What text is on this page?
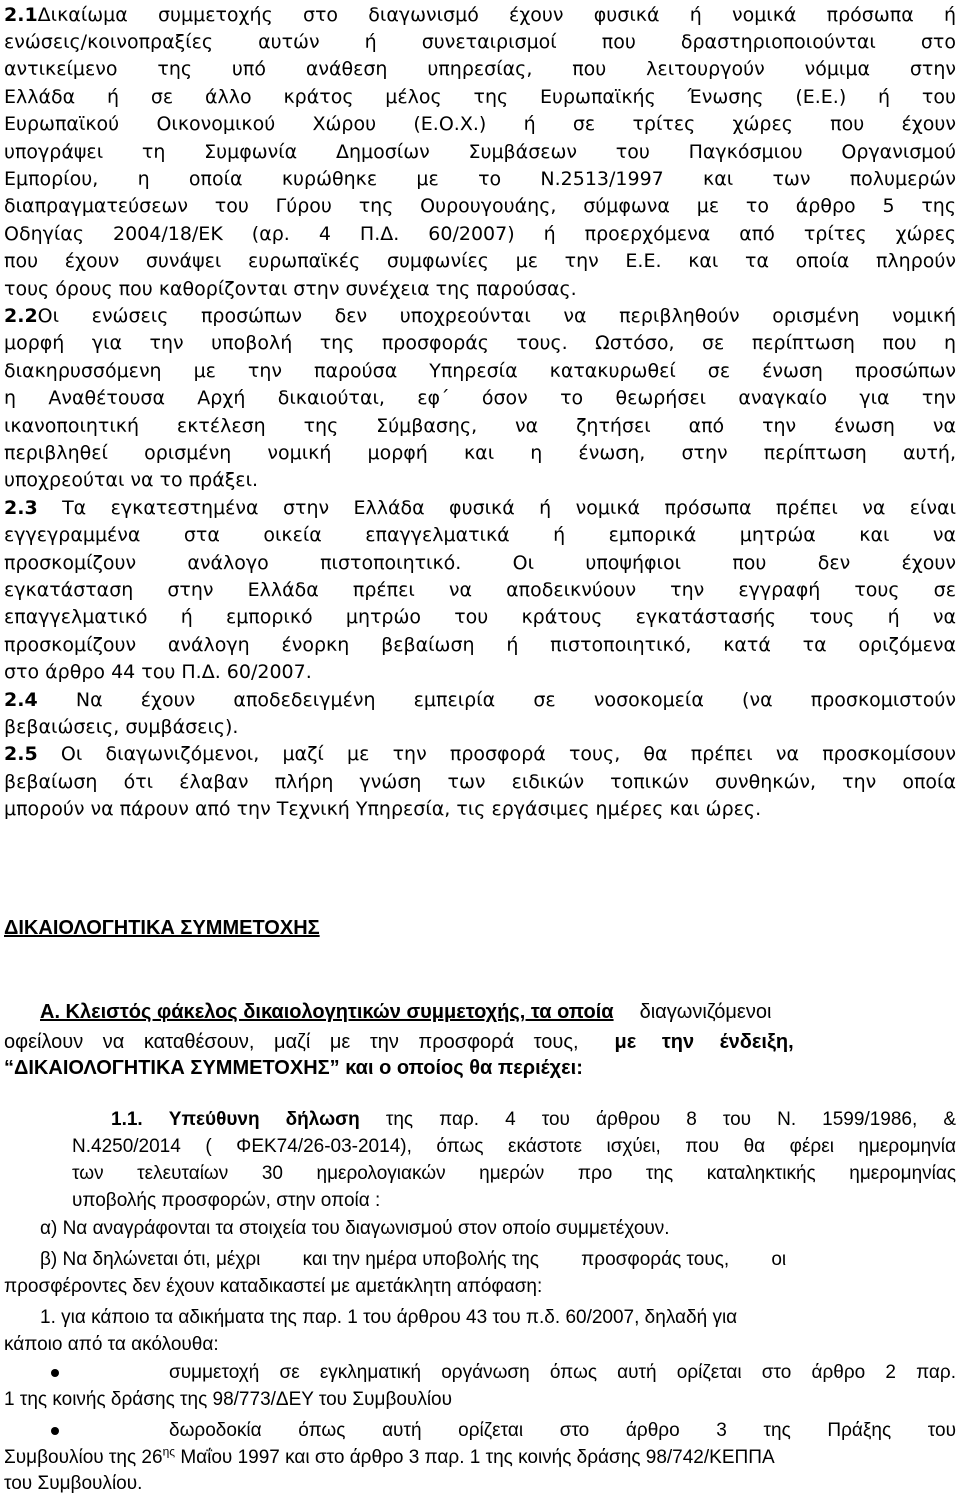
2.1Δικαίωμα συμμετοχής στο διαγωνισμό έχουν φυσικά ή νομικά πρόσωπα ή
ενώσεις/κοινοπραξίες αυτών ή συνεταιρισμοί που δραστηριοποιούνται στο
αντικείμενο της υπό ανάθεση υπηρεσίας, που λειτουργούν νόμιμα στην
Ελλάδα ή σε άλλο κράτος μέλος της Ευρωπαϊκής Ένωσης (Ε.Ε.) ή του
Ευρωπαϊκού Οικονομικού Χώρου (Ε.Ο.Χ.) ή σε τρίτες χώρες που έχουν
υπογράψει τη Συμφωνία Δημοσίων Συμβάσεων του Παγκόσμιου Οργανισμού
Εμπορίου, η οποία κυρώθηκε με το Ν.2513/1997 και των πολυμερών
διαπραγματεύσεων του Γύρου της Ουρουγουάης, σύμφωνα με το άρθρο 5 της
Οδηγίας 2004/18/ΕΚ (αρ. 4 Π.Δ. 60/2007) ή προερχόμενα από τρίτες χώρες
που έχουν συνάψει ευρωπαϊκές συμφωνίες με την Ε.Ε. και τα οποία πληρούν
τους όρους που καθορίζονται στην συνέχεια της παρούσας.
2.2Οι ενώσεις προσώπων δεν υποχρεούνται να περιβληθούν ορισμένη νομική
μορφή για την υποβολή της προσφοράς τους. Ωστόσο, σε περίπτωση που η
διακηρυσσόμενη με την παρούσα Υπηρεσία κατακυρωθεί σε ένωση προσώπων
η Αναθέτουσα Αρχή δικαιούται, εφ΄ όσον το θεωρήσει αναγκαίο για την
ικανοποιητική εκτέλεση της Σύμβασης, να ζητήσει από την ένωση να
περιβληθεί ορισμένη νομική μορφή και η ένωση, στην περίπτωση αυτή,
υποχρεούται να το πράξει.
2.3 Τα εγκατεστημένα στην Ελλάδα φυσικά ή νομικά πρόσωπα πρέπει να είναι
εγγεγραμμένα στα οικεία επαγγελματικά ή εμπορικά μητρώα και να
προσκομίζουν ανάλογο πιστοποιητικό. Οι υποψήφιοι που δεν έχουν
εγκατάσταση στην Ελλάδα πρέπει να αποδεικνύουν την εγγραφή τους σε
επαγγελματικό ή εμπορικό μητρώο του κράτους εγκατάστασής τους ή να
προσκομίζουν ανάλογη ένορκη βεβαίωση ή πιστοποιητικό, κατά τα οριζόμενα
στο άρθρο 44 του Π.Δ. 60/2007.
2.4 Να έχουν αποδεδειγμένη εμπειρία σε νοσοκομεία (να προσκομιστούν
βεβαιώσεις, συμβάσεις).
2.5 Οι διαγωνιζόμενοι, μαζί με την προσφορά τους, θα πρέπει να προσκομίσουν
βεβαίωση ότι έλαβαν πλήρη γνώση των ειδικών τοπικών συνθηκών, την οποία
μπορούν να πάρουν από την Τεχνική Υπηρεσία, τις εργάσιμες ημέρες και ώρες.
ΔΙΚΑΙΟΛΟΓΗΤΙΚΑ ΣΥΜΜΕΤΟΧΗΣ
Α. Κλειστός φάκελος δικαιολογητικών συμμετοχής, τα οποία διαγωνιζόμενοι
οφείλουν να καταθέσουν, μαζί με την προσφορά τους, με την ένδειξη,
“ΔΙΚΑΙΟΛΟΓΗΤΙΚΑ ΣΥΜΜΕΤΟΧΗΣ” και ο οποίος θα περιέχει:
1.1. Υπεύθυνη δήλωση της παρ. 4 του άρθρου 8 του Ν. 1599/1986, &
Ν.4250/2014 ( ΦΕΚ74/26-03-2014), όπως εκάστοτε ισχύει, που θα φέρει ημερομηνία
των τελευταίων 30 ημερολογιακών ημερών προ της καταληκτικής ημερομηνίας
υποβολής προσφορών, στην οποία :
α) Να αναγράφονται τα στοιχεία του διαγωνισμού στον οποίο συμμετέχουν.
β) Να δηλώνεται ότι, μέχρι        και την ημέρα υποβολής της        προσφοράς τους,        οι
προσφέροντες δεν έχουν καταδικαστεί με αμετάκλητη απόφαση:
1. για κάποιο τα αδικήματα της παρ. 1 του άρθρου 43 του π.δ. 60/2007, δηλαδή για
κάποιο από τα ακόλουθα:
συμμετοχή σε εγκληματική οργάνωση όπως αυτή ορίζεται στο άρθρο 2 παρ.
1 της κοινής δράσης της 98/773/ΔΕΥ του Συμβουλίου
δωροδοκία όπως αυτή ορίζεται στο άρθρο 3 της Πράξης του
Συμβουλίου της $26^{\eta\varsigma}$ Μαΐου 1997 και στο άρθρο 3 παρ. 1 της κοινής δράσης 98/742/ΚΕΠΠΑ
του Συμβουλίου.
